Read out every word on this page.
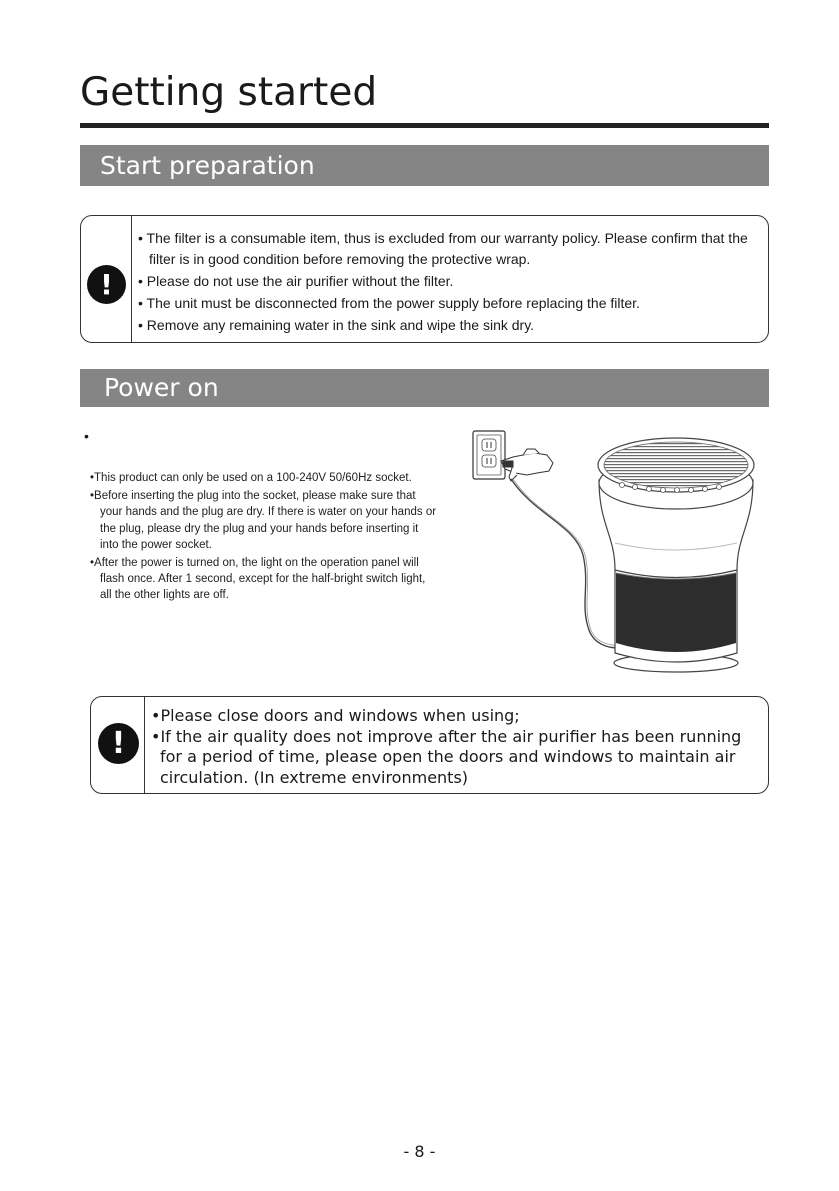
Getting started
Start preparation
!
• The filter is a consumable item, thus is excluded from our warranty policy. Please confirm that the filter is in good condition before removing the protective wrap.
• Please do not use the air purifier without the filter.
• The unit must be disconnected from the power supply before replacing the filter.
• Remove any remaining water in the sink and wipe the sink dry.
Power on
•
•This product can only be used on a 100-240V 50/60Hz socket.
•Before inserting the plug into the socket, please make sure that your hands and the plug are dry. If there is water on your hands or the plug, please dry the plug and your hands before inserting it into the power socket.
•After the power is turned on, the light on the operation panel will flash once. After 1 second, except for the half-bright switch light, all the other lights are off.
!
•Please close doors and windows when using;
•If the air quality does not improve after the air purifier has been running for a period of time, please open the doors and windows to maintain air circulation. (In extreme environments)
- 8 -
